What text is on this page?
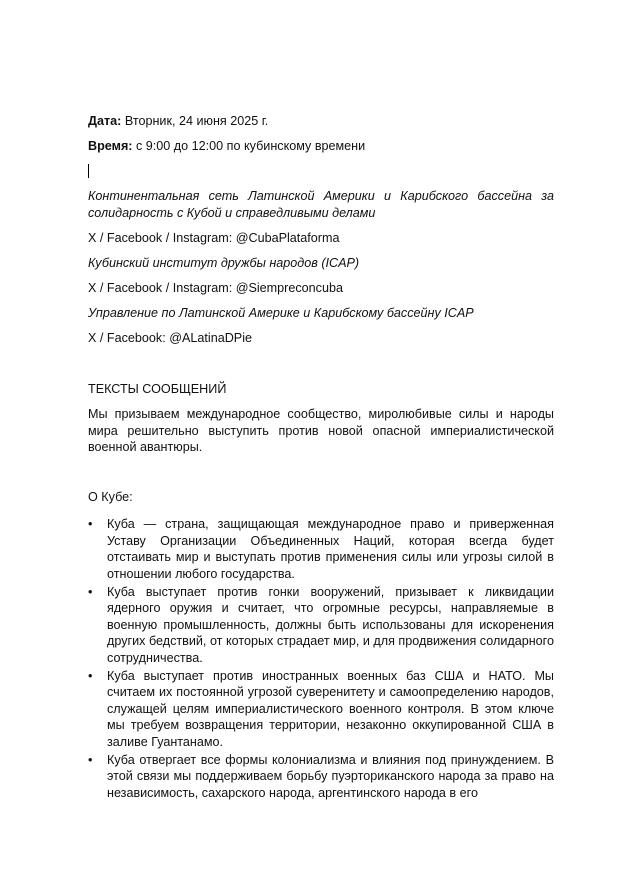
Дата: Вторник, 24 июня 2025 г.
Время: с 9:00 до 12:00 по кубинскому времени
Континентальная сеть Латинской Америки и Карибского бассейна за солидарность с Кубой и справедливыми делами
X / Facebook / Instagram: @CubaPlataforma
Кубинский институт дружбы народов (ICAP)
X / Facebook / Instagram: @Siempreconcuba
Управление по Латинской Америке и Карибскому бассейну ICAP
X / Facebook: @ALatinaDPie
ТЕКСТЫ СООБЩЕНИЙ
Мы призываем международное сообщество, миролюбивые силы и народы мира решительно выступить против новой опасной империалистической военной авантюры.
О Кубе:
•	Куба — страна, защищающая международное право и приверженная Уставу Организации Объединенных Наций, которая всегда будет отстаивать мир и выступать против применения силы или угрозы силой в отношении любого государства.
•	Куба выступает против гонки вооружений, призывает к ликвидации ядерного оружия и считает, что огромные ресурсы, направляемые в военную промышленность, должны быть использованы для искоренения других бедствий, от которых страдает мир, и для продвижения солидарного сотрудничества.
•	Куба выступает против иностранных военных баз США и НАТО. Мы считаем их постоянной угрозой суверенитету и самоопределению народов, служащей целям империалистического военного контроля. В этом ключе мы требуем возвращения территории, незаконно оккупированной США в заливе Гуантанамо.
•	Куба отвергает все формы колониализма и влияния под принуждением. В этой связи мы поддерживаем борьбу пуэрториканского народа за право на независимость, сахарского народа, аргентинского народа в его
